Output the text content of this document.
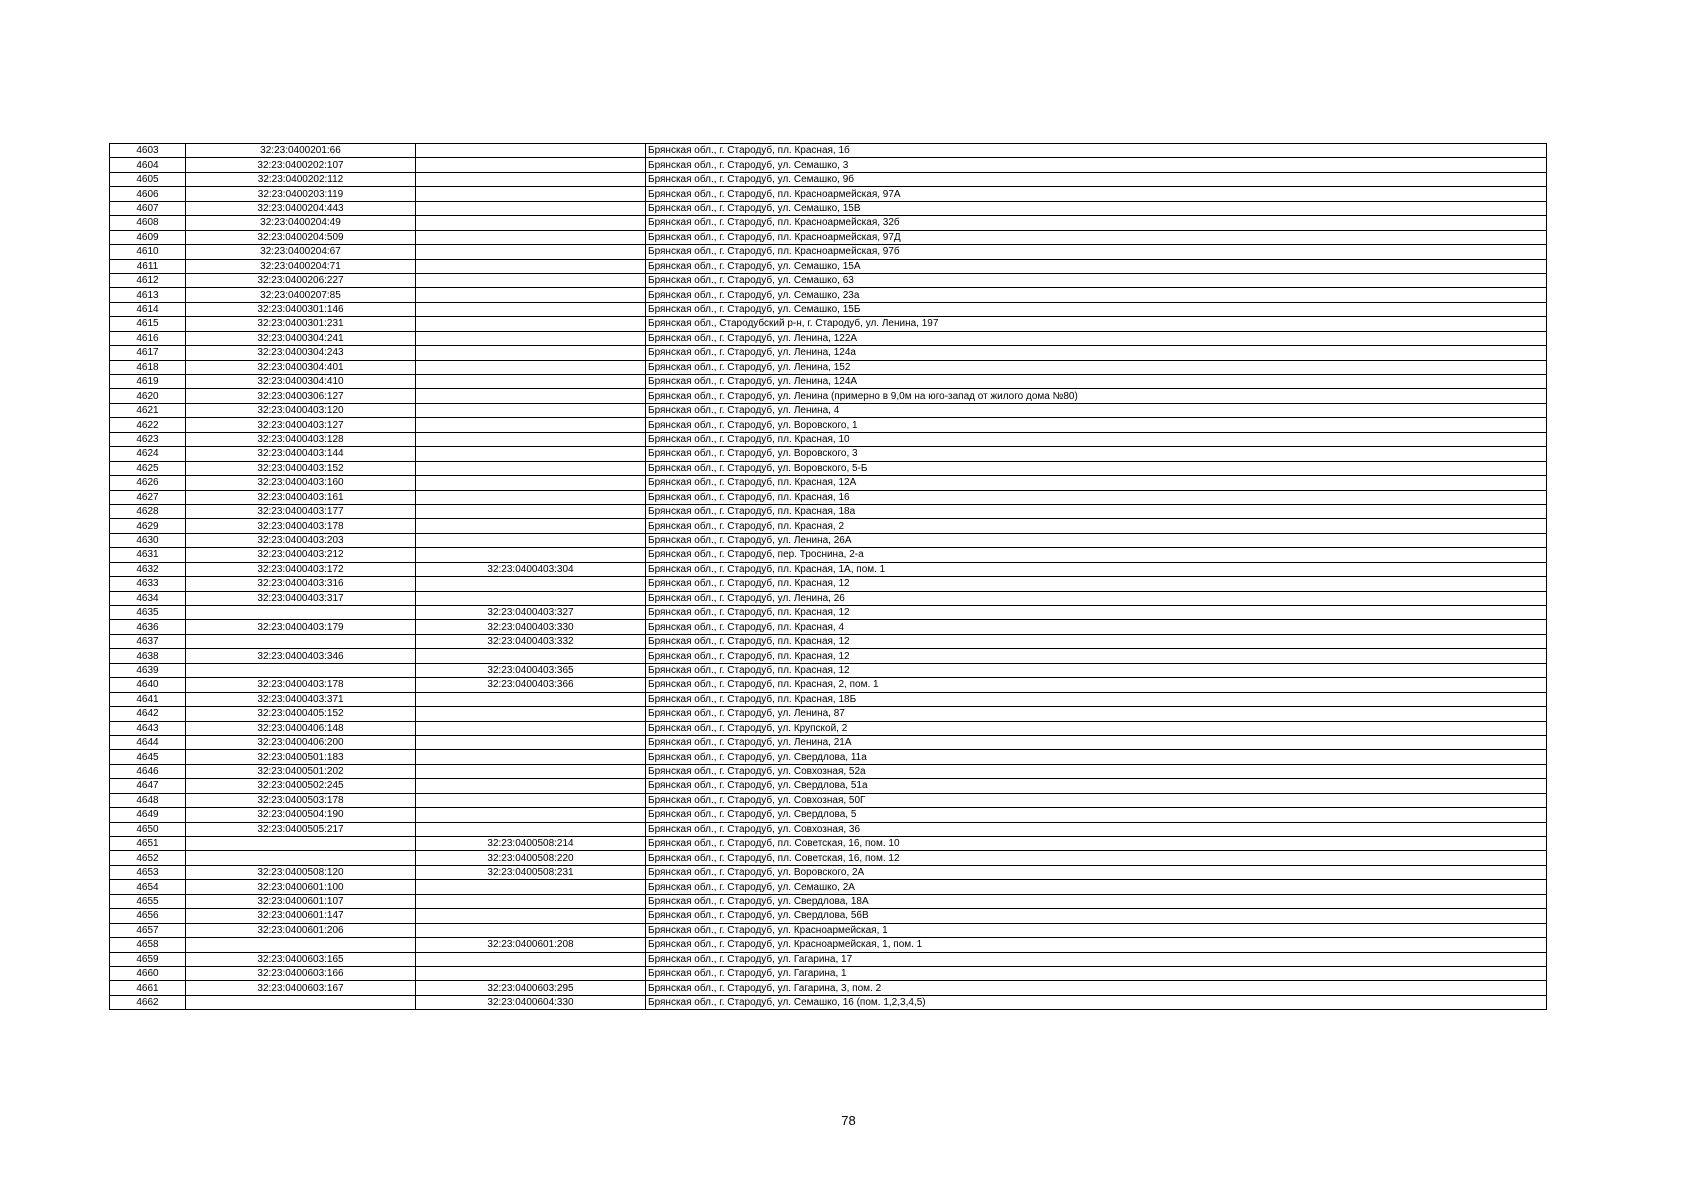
4603	32:23:0400201:66		Брянская обл., г. Стародуб, пл. Красная, 1б
4604	32:23:0400202:107		Брянская обл., г. Стародуб, ул. Семашко, 3
4605	32:23:0400202:112		Брянская обл., г. Стародуб, ул. Семашко, 9б
4606	32:23:0400203:119		Брянская обл., г. Стародуб, пл. Красноармейская, 97А
4607	32:23:0400204:443		Брянская обл., г. Стародуб, ул. Семашко, 15В
4608	32:23:0400204:49		Брянская обл., г. Стародуб, пл. Красноармейская, 32б
4609	32:23:0400204:509		Брянская обл., г. Стародуб, пл. Красноармейская, 97Д
4610	32:23:0400204:67		Брянская обл., г. Стародуб, пл. Красноармейская, 97б
4611	32:23:0400204:71		Брянская обл., г. Стародуб, ул. Семашко, 15А
4612	32:23:0400206:227		Брянская обл., г. Стародуб, ул. Семашко, 63
4613	32:23:0400207:85		Брянская обл., г. Стародуб, ул. Семашко, 23а
4614	32:23:0400301:146		Брянская обл., г. Стародуб, ул. Семашко, 15Б
4615	32:23:0400301:231		Брянская обл., Стародубский р-н, г. Стародуб, ул. Ленина, 197
4616	32:23:0400304:241		Брянская обл., г. Стародуб, ул. Ленина, 122А
4617	32:23:0400304:243		Брянская обл., г. Стародуб, ул. Ленина, 124а
4618	32:23:0400304:401		Брянская обл., г. Стародуб, ул. Ленина, 152
4619	32:23:0400304:410		Брянская обл., г. Стародуб, ул. Ленина, 124А
4620	32:23:0400306:127		Брянская обл., г. Стародуб, ул. Ленина (примерно в 9,0м на юго-запад от жилого дома №80)
4621	32:23:0400403:120		Брянская обл., г. Стародуб, ул. Ленина, 4
4622	32:23:0400403:127		Брянская обл., г. Стародуб, ул. Воровского, 1
4623	32:23:0400403:128		Брянская обл., г. Стародуб, пл. Красная, 10
4624	32:23:0400403:144		Брянская обл., г. Стародуб, ул. Воровского, 3
4625	32:23:0400403:152		Брянская обл., г. Стародуб, ул. Воровского, 5-Б
4626	32:23:0400403:160		Брянская обл., г. Стародуб, пл. Красная, 12А
4627	32:23:0400403:161		Брянская обл., г. Стародуб, пл. Красная, 16
4628	32:23:0400403:177		Брянская обл., г. Стародуб, пл. Красная, 18а
4629	32:23:0400403:178		Брянская обл., г. Стародуб, пл. Красная, 2
4630	32:23:0400403:203		Брянская обл., г. Стародуб, ул. Ленина, 26А
4631	32:23:0400403:212		Брянская обл., г. Стародуб, пер. Троснина, 2-а
4632	32:23:0400403:172	32:23:0400403:304	Брянская обл., г. Стародуб, пл. Красная, 1А, пом. 1
4633	32:23:0400403:316		Брянская обл., г. Стародуб, пл. Красная, 12
4634	32:23:0400403:317		Брянская обл., г. Стародуб, ул. Ленина, 26
4635		32:23:0400403:327	Брянская обл., г. Стародуб, пл. Красная, 12
4636	32:23:0400403:179	32:23:0400403:330	Брянская обл., г. Стародуб, пл. Красная, 4
4637		32:23:0400403:332	Брянская обл., г. Стародуб, пл. Красная, 12
4638	32:23:0400403:346		Брянская обл., г. Стародуб, пл. Красная, 12
4639		32:23:0400403:365	Брянская обл., г. Стародуб, пл. Красная, 12
4640	32:23:0400403:178	32:23:0400403:366	Брянская обл., г. Стародуб, пл. Красная, 2, пом. 1
4641	32:23:0400403:371		Брянская обл., г. Стародуб, пл. Красная, 18Б
4642	32:23:0400405:152		Брянская обл., г. Стародуб, ул. Ленина, 87
4643	32:23:0400406:148		Брянская обл., г. Стародуб, ул. Крупской, 2
4644	32:23:0400406:200		Брянская обл., г. Стародуб, ул. Ленина, 21А
4645	32:23:0400501:183		Брянская обл., г. Стародуб, ул. Свердлова, 11а
4646	32:23:0400501:202		Брянская обл., г. Стародуб, ул. Совхозная, 52а
4647	32:23:0400502:245		Брянская обл., г. Стародуб, ул. Свердлова, 51а
4648	32:23:0400503:178		Брянская обл., г. Стародуб, ул. Совхозная, 50Г
4649	32:23:0400504:190		Брянская обл., г. Стародуб, ул. Свердлова, 5
4650	32:23:0400505:217		Брянская обл., г. Стародуб, ул. Совхозная, 36
4651		32:23:0400508:214	Брянская обл., г. Стародуб, пл. Советская, 16, пом. 10
4652		32:23:0400508:220	Брянская обл., г. Стародуб, пл. Советская, 16, пом. 12
4653	32:23:0400508:120	32:23:0400508:231	Брянская обл., г. Стародуб, ул. Воровского, 2А
4654	32:23:0400601:100		Брянская обл., г. Стародуб, ул. Семашко, 2А
4655	32:23:0400601:107		Брянская обл., г. Стародуб, ул. Свердлова, 18А
4656	32:23:0400601:147		Брянская обл., г. Стародуб, ул. Свердлова, 56В
4657	32:23:0400601:206		Брянская обл., г. Стародуб, ул. Красноармейская, 1
4658		32:23:0400601:208	Брянская обл., г. Стародуб, ул. Красноармейская, 1, пом. 1
4659	32:23:0400603:165		Брянская обл., г. Стародуб, ул. Гагарина, 17
4660	32:23:0400603:166		Брянская обл., г. Стародуб, ул. Гагарина, 1
4661	32:23:0400603:167	32:23:0400603:295	Брянская обл., г. Стародуб, ул. Гагарина, 3, пом. 2
4662		32:23:0400604:330	Брянская обл., г. Стародуб, ул. Семашко, 16 (пом. 1,2,3,4,5)
78
